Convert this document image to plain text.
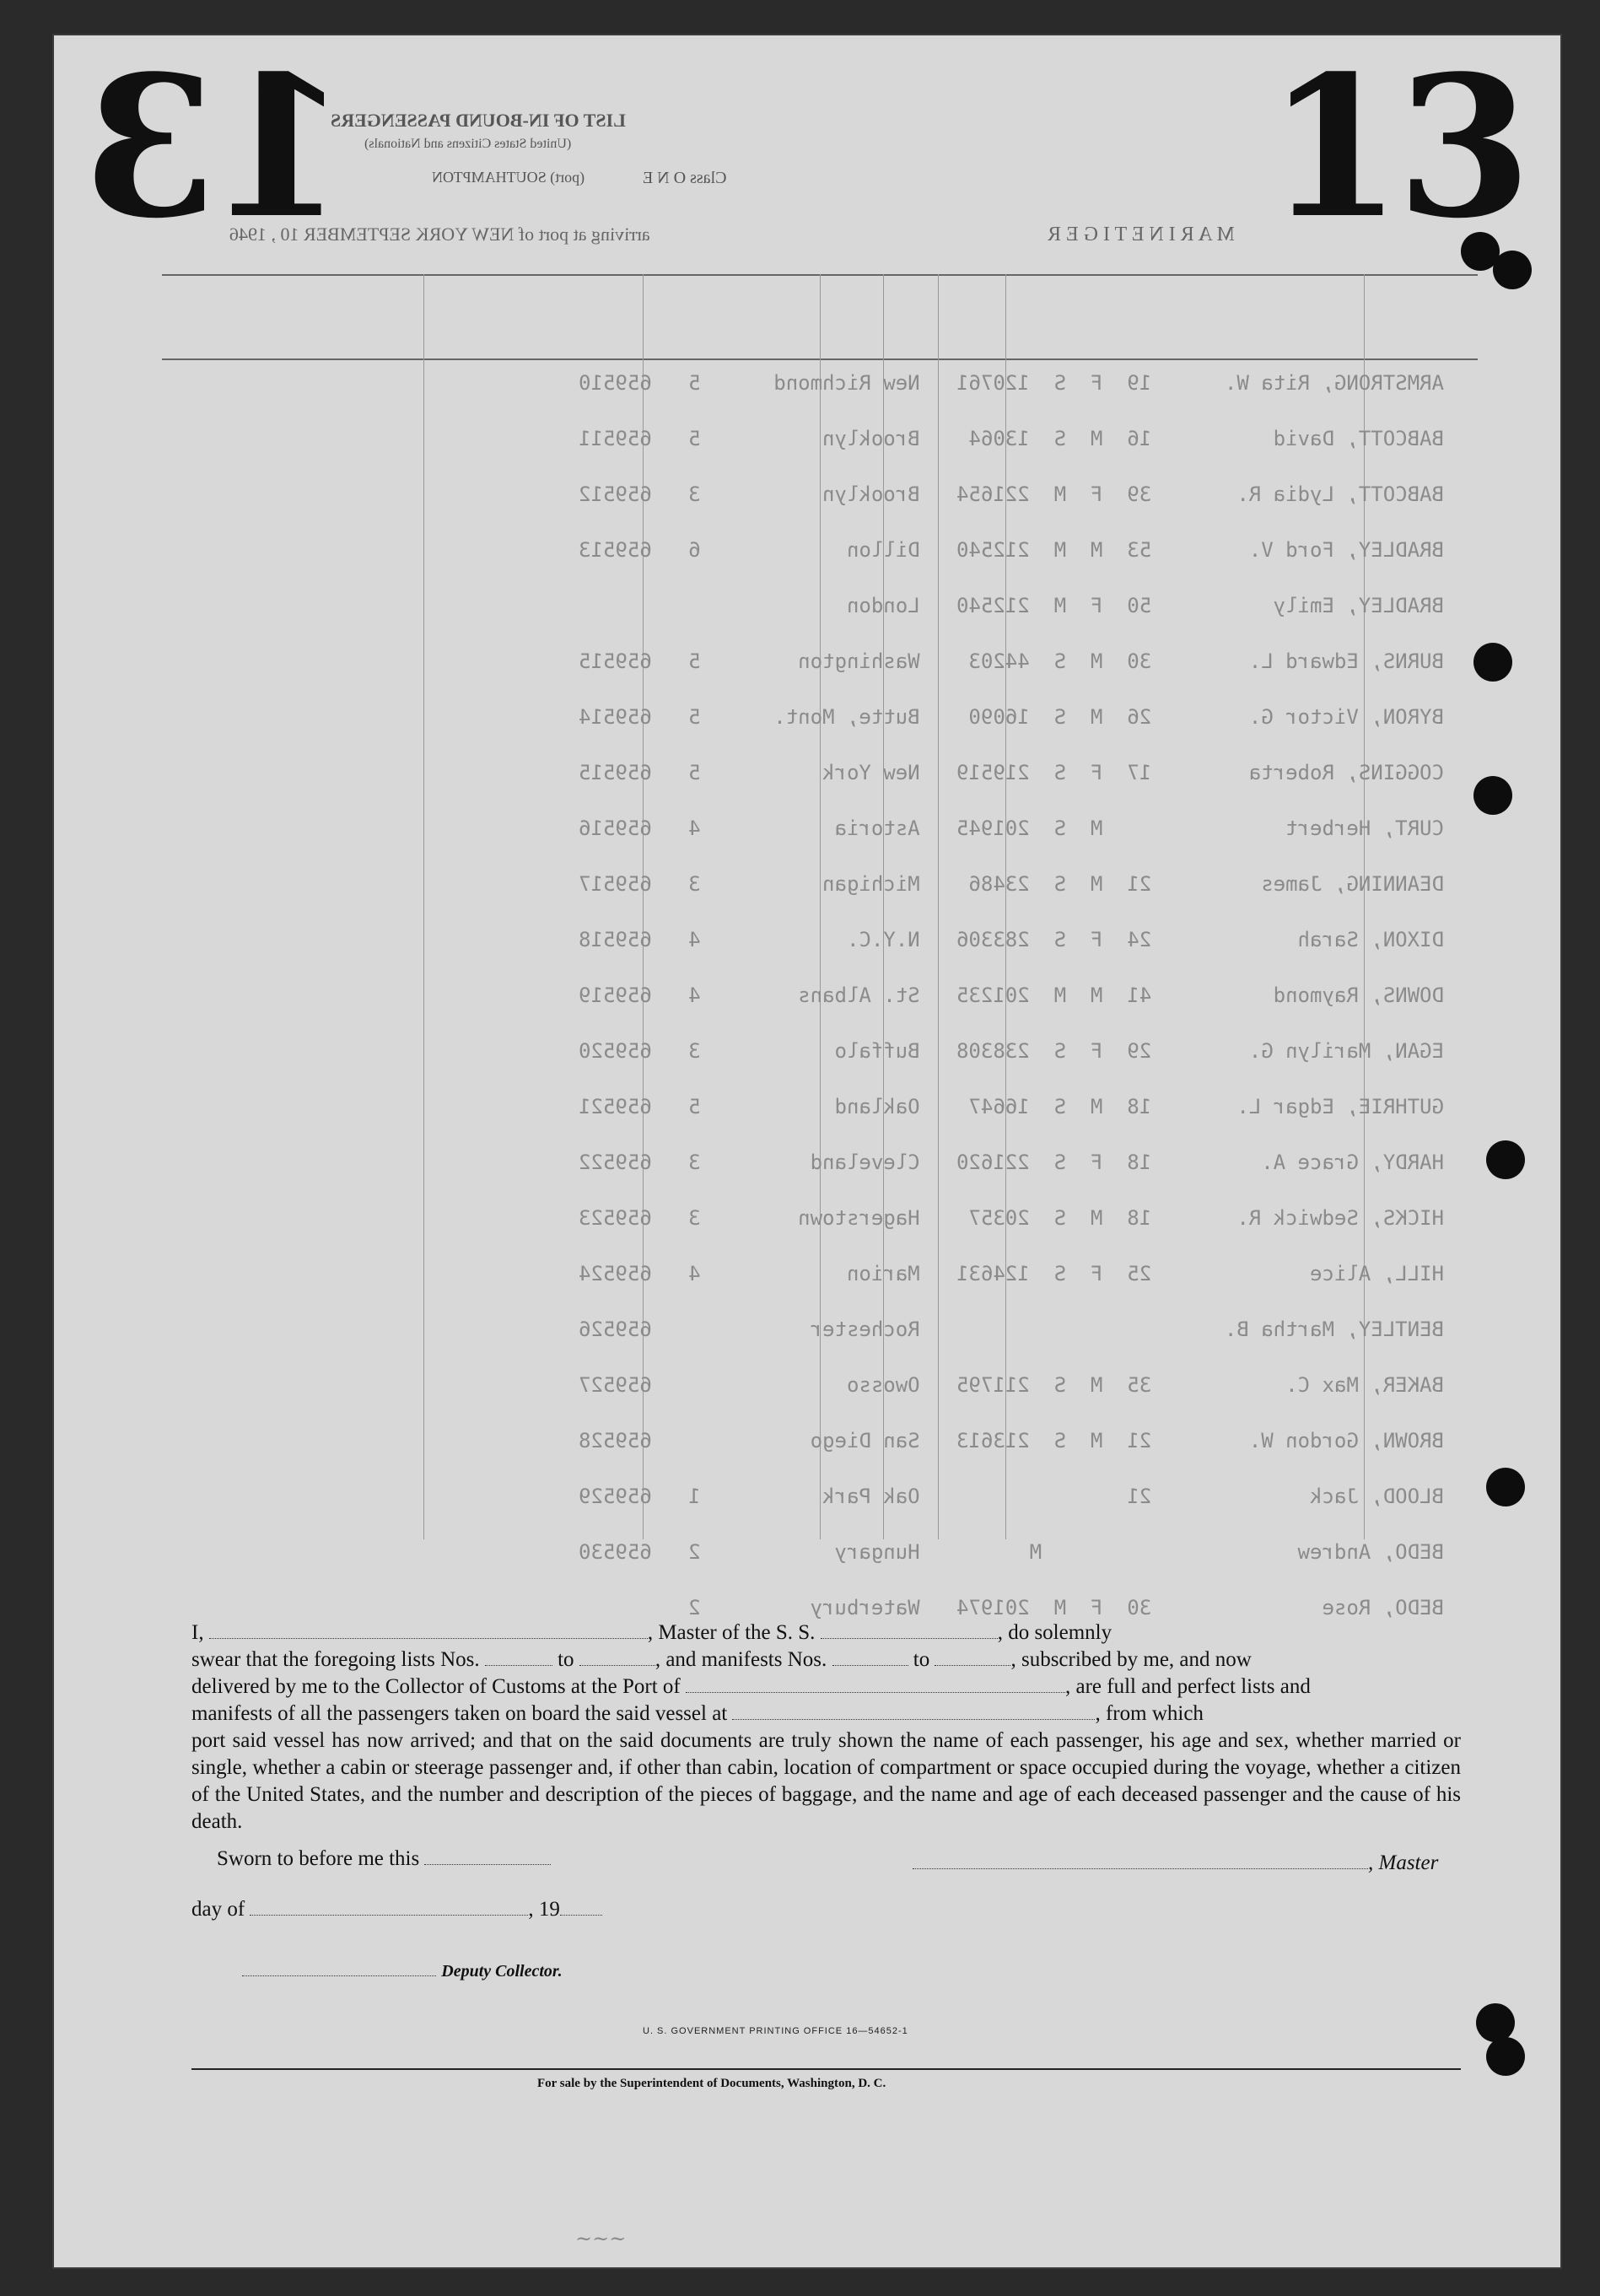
13	13
LIST OF IN-BOUND PASSENGERS
(United States Citizens and Nationals)
Class O N E
(port) SOUTHAMPTON
arriving at port of NEW YORK SEPTEMBER 10 , 1946	M A R I N E T I G E R
ARMSTRONG, Rita W.      19  F  S  120761   New Richmond      5   659510
BABCOTT, David          16  M  S  13064    Brooklyn          5   659511
BABCOTT, Lydia R.       39  F  M  221654   Brooklyn          3   659512
BRADLEY, Ford V.        53  M  M  212540   Dillon            6   659513
BRADLEY, Emily          50  F  M  212540   London
BURNS, Edward L.        30  M  S  44203    Washington        5   659515
BYRON, Victor G.        26  M  S  16090    Butte, Mont.      5   659514
COGGINS, Roberta        17  F  S  219519   New York          5   659515
CURT, Herbert               M  S  201945   Astoria           4   659516
DEANNING, James         21  M  S  23486    Michigan          3   659517
DIXON, Sarah            24  F  S  283306   N.Y.C.            4   659518
DOWNS, Raymond          41  M  M  201235   St. Albans        4   659519
EGAN, Marilyn G.        29  F  S  238308   Buffalo           3   659520
GUTHRIE, Edgar L.       18  M  S  16647    Oakland           5   659521
HARDY, Grace A.         18  F  S  221620   Cleveland         3   659522
HICKS, Sedwick R.       18  M  S  20357    Hagerstown        3   659523
HILL, Alice             25  F  S  124631   Marion            4   659524
BENTLEY, Martha B.                         Rochester             659526
BAKER, Max C.           35  M  S  211795   Owosso                659527
BROWN, Gordon W.        21  M  S  213613   San Diego             659528
BLOOD, Jack             21                 Oak Park          1   659529
BEDO, Andrew                     M         Hungary           2   659530
BEDO, Rose              30  F  M  201974   Waterbury         2
I,	, Master of the S. S.	, do solemnly
swear that the foregoing lists Nos.	to	, and manifests Nos.	to	, subscribed by me, and now
delivered by me to the Collector of Customs at the Port of	, are full and perfect lists and
manifests of all the passengers taken on board the said vessel at	, from which
port said vessel has now arrived; and that on the said documents are truly shown the name of each passenger, his age and sex, whether married or single, whether a cabin or steerage passenger and, if other than cabin, location of compartment or space occupied during the voyage, whether a citizen of the United States, and the number and description of the pieces of baggage, and the name and age of each deceased passenger and the cause of his death.
Sworn to before me this	, Master
day of	, 19
Deputy Collector.
U. S. GOVERNMENT PRINTING OFFICE 16—54652-1
For sale by the Superintendent of Documents, Washington, D. C.
~~~
